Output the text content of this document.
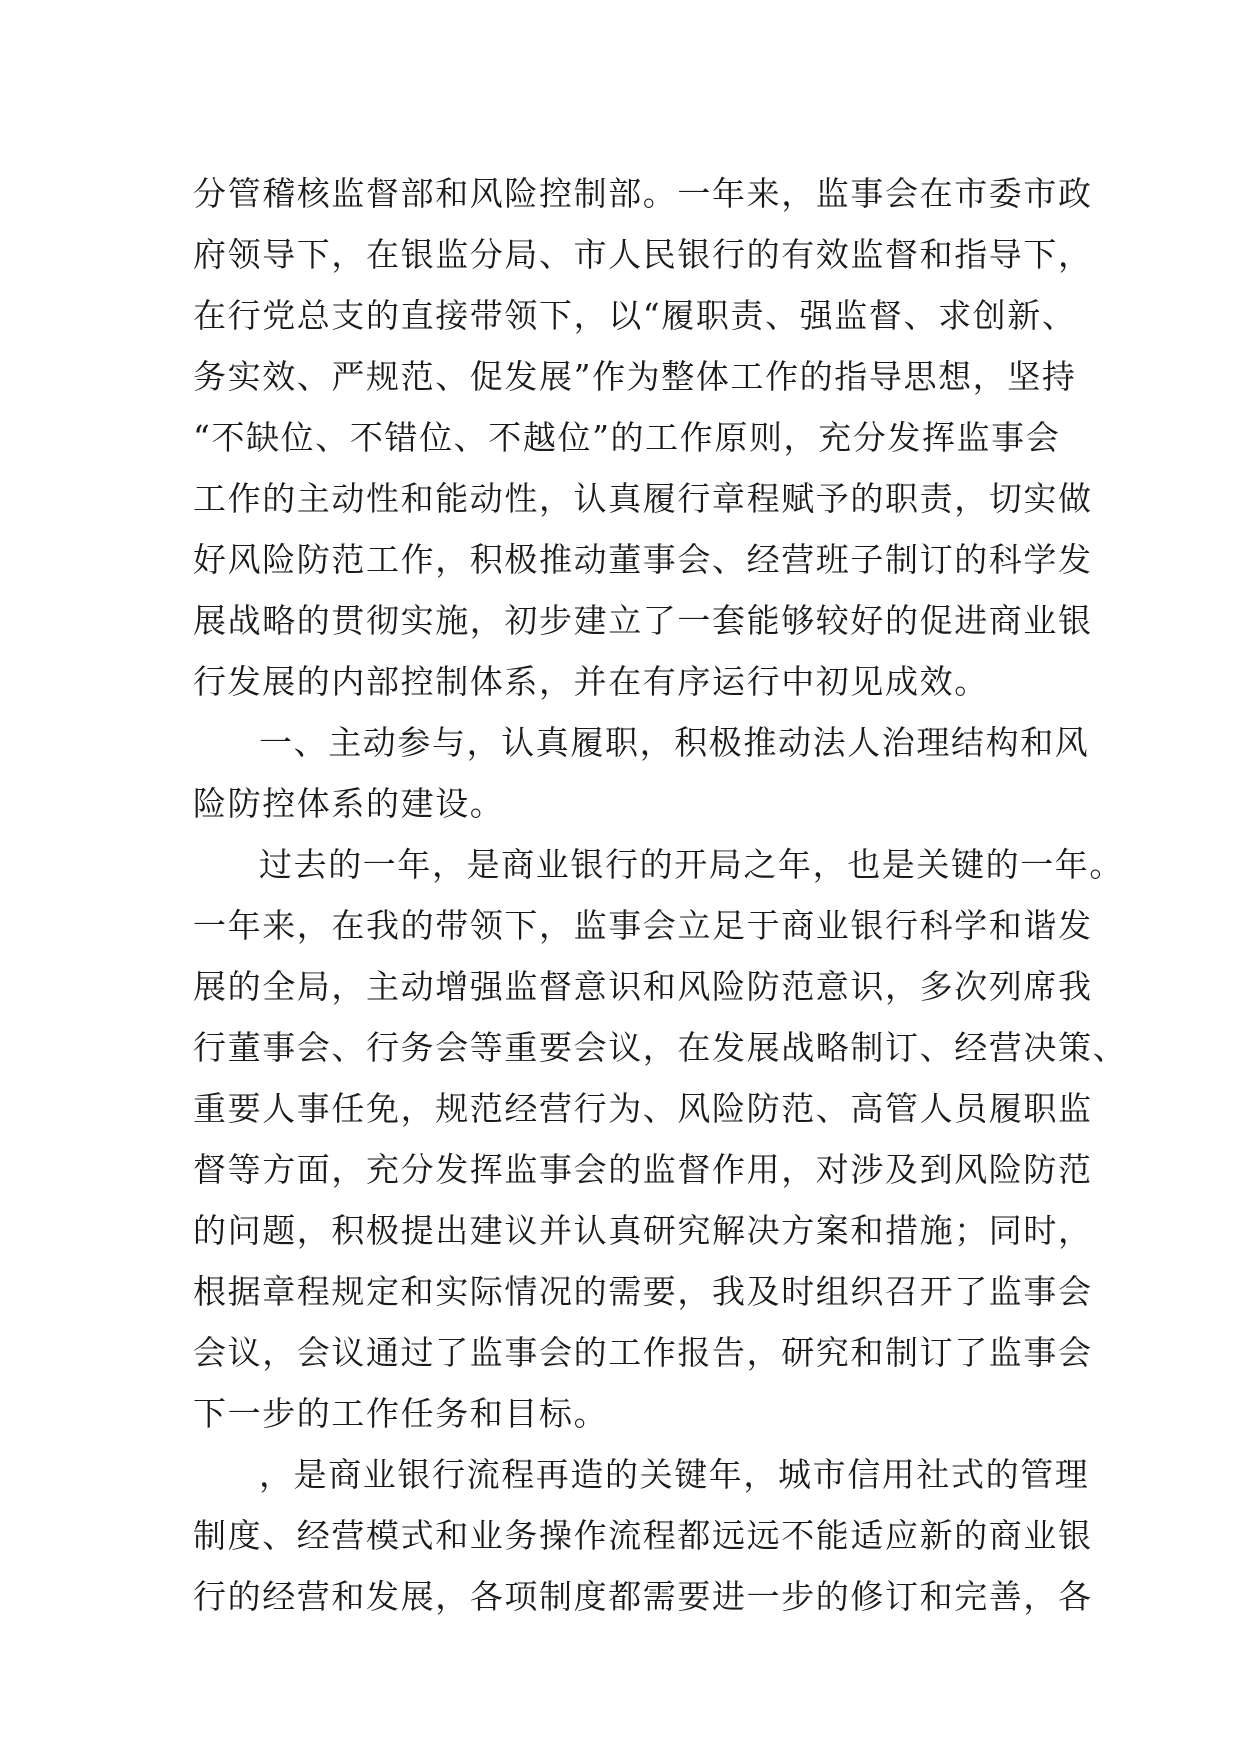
分管稽核监督部和风险控制部。一年来，监事会在市委市政
府领导下，在银监分局、市人民银行的有效监督和指导下，
在行党总支的直接带领下，以“履职责、强监督、求创新、
务实效、严规范、促发展”作为整体工作的指导思想，坚持
“不缺位、不错位、不越位”的工作原则，充分发挥监事会
工作的主动性和能动性，认真履行章程赋予的职责，切实做
好风险防范工作，积极推动董事会、经营班子制订的科学发
展战略的贯彻实施，初步建立了一套能够较好的促进商业银
行发展的内部控制体系，并在有序运行中初见成效。
一、主动参与，认真履职，积极推动法人治理结构和风
险防控体系的建设。
过去的一年，是商业银行的开局之年，也是关键的一年。
一年来，在我的带领下，监事会立足于商业银行科学和谐发
展的全局，主动增强监督意识和风险防范意识，多次列席我
行董事会、行务会等重要会议，在发展战略制订、经营决策、
重要人事任免，规范经营行为、风险防范、高管人员履职监
督等方面，充分发挥监事会的监督作用，对涉及到风险防范
的问题，积极提出建议并认真研究解决方案和措施；同时，
根据章程规定和实际情况的需要，我及时组织召开了监事会
会议，会议通过了监事会的工作报告，研究和制订了监事会
下一步的工作任务和目标。
，是商业银行流程再造的关键年，城市信用社式的管理
制度、经营模式和业务操作流程都远远不能适应新的商业银
行的经营和发展，各项制度都需要进一步的修订和完善，各
